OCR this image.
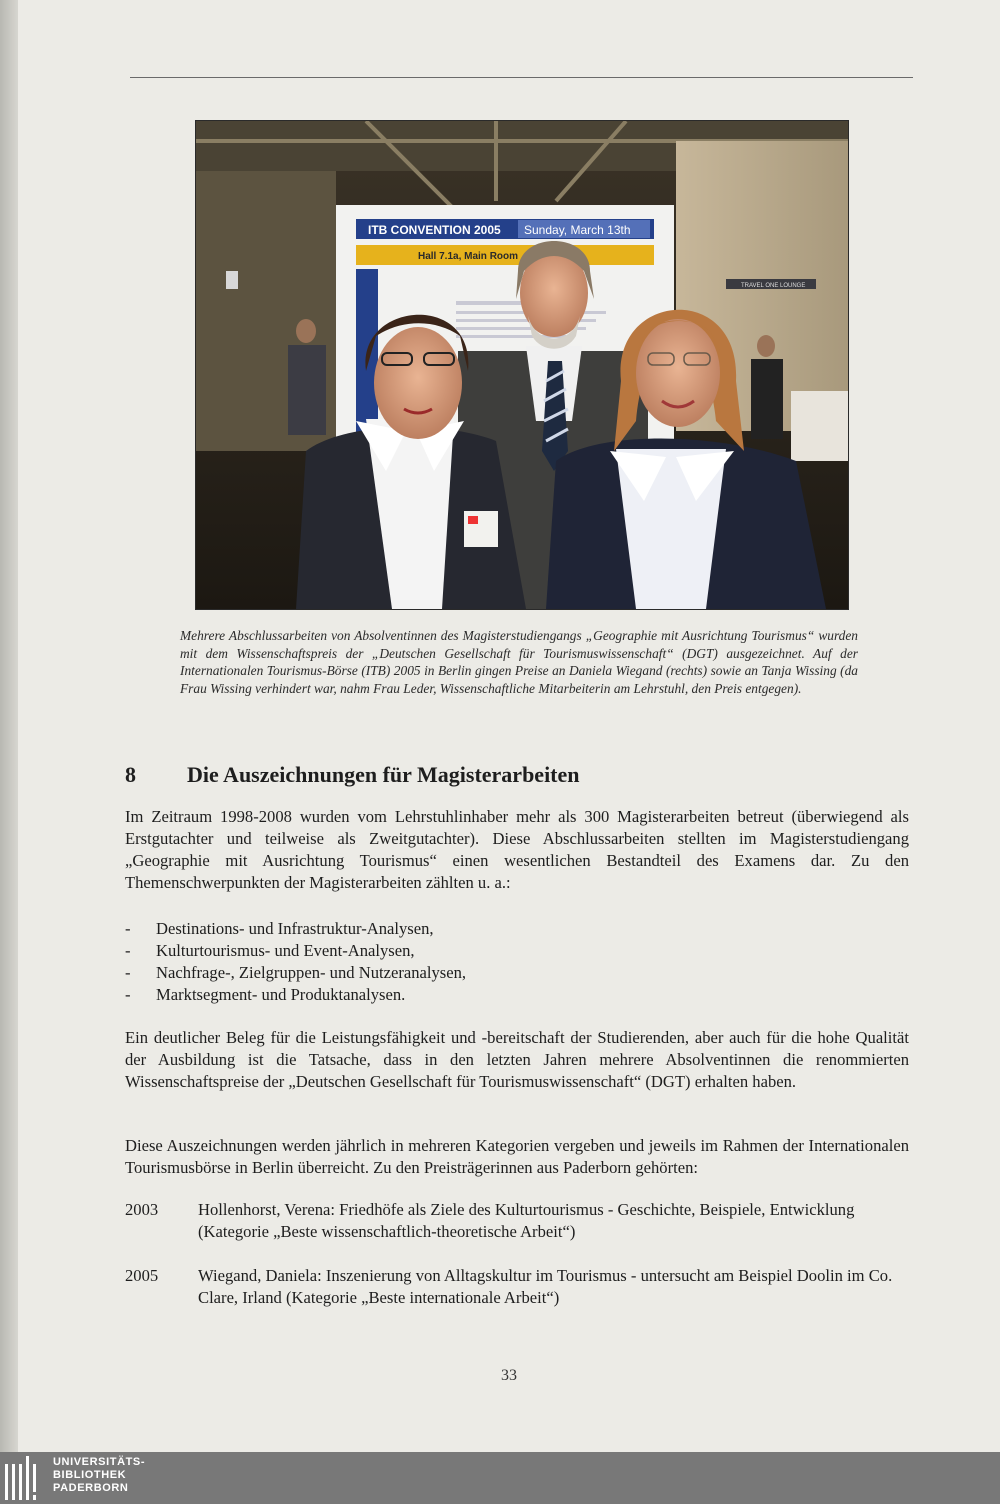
TRAVEL ONE LOUNGE
ITB CONVENTION 2005 Sunday, March 13th
Hall 7.1a, Main Room

Mehrere Abschlussarbeiten von Absolventinnen des Magisterstudiengangs „Geographie mit Ausrichtung Tourismus“ wurden mit dem Wissenschaftspreis der „Deutschen Gesellschaft für Tourismuswissenschaft“ (DGT) ausgezeichnet. Auf der Internationalen Tourismus-Börse (ITB) 2005 in Berlin gingen Preise an Daniela Wiegand (rechts) sowie an Tanja Wissing (da Frau Wissing verhindert war, nahm Frau Leder, Wissenschaftliche Mitarbeiterin am Lehrstuhl, den Preis entgegen).

8 Die Auszeichnungen für Magisterarbeiten

Im Zeitraum 1998-2008 wurden vom Lehrstuhlinhaber mehr als 300 Magisterarbeiten betreut (überwiegend als Erstgutachter und teilweise als Zweitgutachter). Diese Abschlussarbeiten stellten im Magisterstudiengang „Geographie mit Ausrichtung Tourismus“ einen wesentlichen Bestandteil des Examens dar. Zu den Themenschwerpunkten der Magisterarbeiten zählten u. a.:

- Destinations- und Infrastruktur-Analysen,
- Kulturtourismus- und Event-Analysen,
- Nachfrage-, Zielgruppen- und Nutzeranalysen,
- Marktsegment- und Produktanalysen.

Ein deutlicher Beleg für die Leistungsfähigkeit und -bereitschaft der Studierenden, aber auch für die hohe Qualität der Ausbildung ist die Tatsache, dass in den letzten Jahren mehrere Absolventinnen die renommierten Wissenschaftspreise der „Deutschen Gesellschaft für Tourismuswissenschaft“ (DGT) erhalten haben.

Diese Auszeichnungen werden jährlich in mehreren Kategorien vergeben und jeweils im Rahmen der Internationalen Tourismusbörse in Berlin überreicht. Zu den Preisträgerinnen aus Paderborn gehörten:

2003 Hollenhorst, Verena: Friedhöfe als Ziele des Kulturtourismus - Geschichte, Beispiele, Entwicklung (Kategorie „Beste wissenschaftlich-theoretische Arbeit“)
2005 Wiegand, Daniela: Inszenierung von Alltagskultur im Tourismus - untersucht am Beispiel Doolin im Co. Clare, Irland (Kategorie „Beste internationale Arbeit“)
33
UNIVERSITÄTS-
BIBLIOTHEK
PADERBORN
